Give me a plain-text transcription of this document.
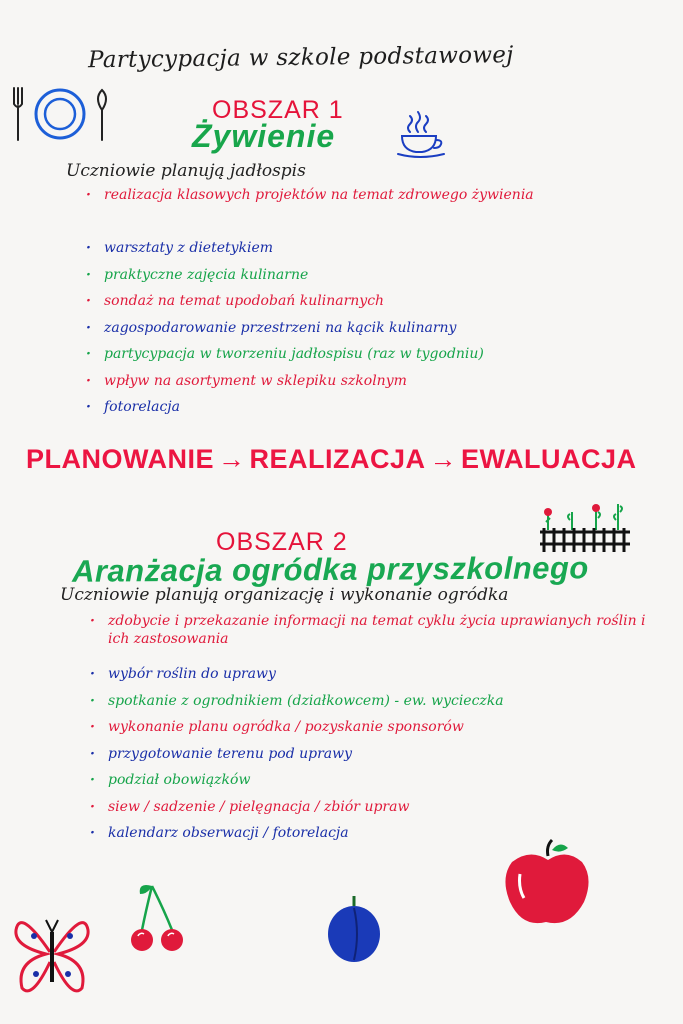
Partycypacja w szkole podstawowej
OBSZAR 1
Żywienie
Uczniowie planują jadłospis
· realizacja klasowych projektów na temat zdrowego żywienia
· warsztaty z dietetykiem
· praktyczne zajęcia kulinarne
· sondaż na temat upodobań kulinarnych
· zagospodarowanie przestrzeni na kącik kulinarny
· partycypacja w tworzeniu jadłospisu (raz w tygodniu)
· wpływ na asortyment w sklepiku szkolnym
· fotorelacja
PLANOWANIE → REALIZACJA → EWALUACJA
OBSZAR 2
Aranżacja ogródka przyszkolnego
Uczniowie planują organizację i wykonanie ogródka
· zdobycie i przekazanie informacji na temat cyklu życia uprawianych roślin i ich zastosowania
· wybór roślin do uprawy
· spotkanie z ogrodnikiem (działkowcem) - ew. wycieczka
· wykonanie planu ogródka / pozyskanie sponsorów
· przygotowanie terenu pod uprawy
· podział obowiązków
· siew / sadzenie / pielęgnacja / zbiór upraw
· kalendarz obserwacji / fotorelacja
